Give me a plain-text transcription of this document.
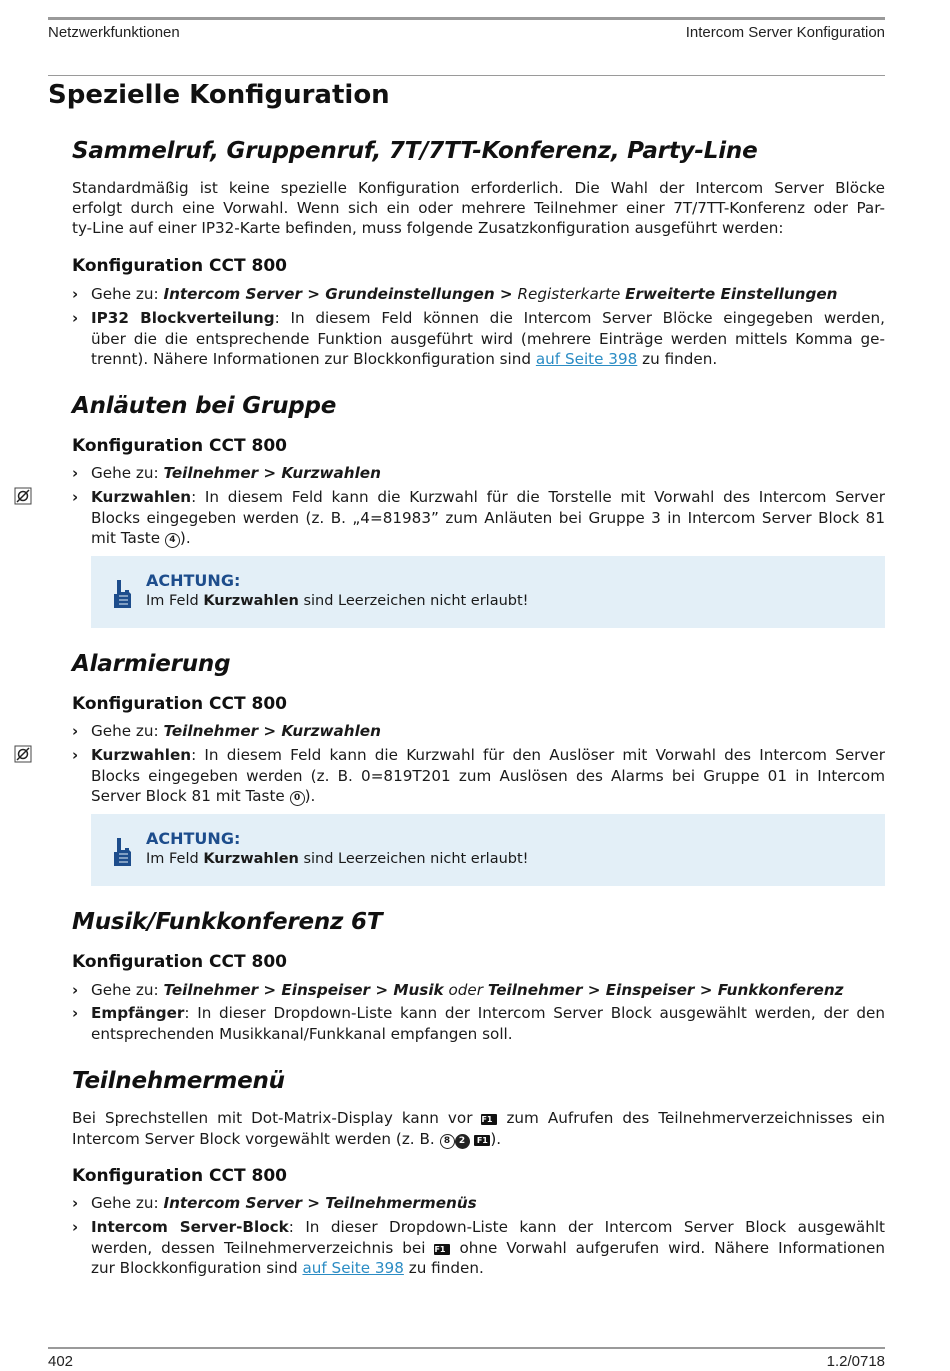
Netzwerkfunktionen	Intercom Server Konfiguration
Spezielle Konfiguration
Sammelruf, Gruppenruf, 7T/7TT-Konferenz, Party-Line
Standardmäßig ist keine spezielle Konfiguration erforderlich. Die Wahl der Intercom Server Blöcke
erfolgt durch eine Vorwahl. Wenn sich ein oder mehrere Teilnehmer einer 7T/7TT-Konferenz oder Par-
ty-Line auf einer IP32-Karte befinden, muss folgende Zusatzkonfiguration ausgeführt werden:
Konfiguration CCT 800
› Gehe zu: Intercom Server > Grundeinstellungen > Registerkarte Erweiterte Einstellungen
› IP32 Blockverteilung: In diesem Feld können die Intercom Server Blöcke eingegeben werden,
über die die entsprechende Funktion ausgeführt wird (mehrere Einträge werden mittels Komma ge-
trennt). Nähere Informationen zur Blockkonfiguration sind auf Seite 398 zu finden.
Anläuten bei Gruppe
Konfiguration CCT 800
› Gehe zu: Teilnehmer > Kurzwahlen
› Kurzwahlen: In diesem Feld kann die Kurzwahl für die Torstelle mit Vorwahl des Intercom Server
Blocks eingegeben werden (z. B. „4=81983” zum Anläuten bei Gruppe 3 in Intercom Server Block 81
mit Taste 4 ).
ACHTUNG:
Im Feld Kurzwahlen sind Leerzeichen nicht erlaubt!
Alarmierung
Konfiguration CCT 800
› Gehe zu: Teilnehmer > Kurzwahlen
› Kurzwahlen: In diesem Feld kann die Kurzwahl für den Auslöser mit Vorwahl des Intercom Server
Blocks eingegeben werden (z. B. 0=819T201 zum Auslösen des Alarms bei Gruppe 01 in Intercom
Server Block 81 mit Taste 0 ).
ACHTUNG:
Im Feld Kurzwahlen sind Leerzeichen nicht erlaubt!
Musik/Funkkonferenz 6T
Konfiguration CCT 800
› Gehe zu: Teilnehmer > Einspeiser > Musik oder Teilnehmer > Einspeiser > Funkkonferenz
› Empfänger: In dieser Dropdown-Liste kann der Intercom Server Block ausgewählt werden, der den
entsprechenden Musikkanal/Funkkanal empfangen soll.
Teilnehmermenü
Bei Sprechstellen mit Dot-Matrix-Display kann vor F1 zum Aufrufen des Teilnehmerverzeichnisses ein
Intercom Server Block vorgewählt werden (z. B. 8 2 F1 ).
Konfiguration CCT 800
› Gehe zu: Intercom Server > Teilnehmermenüs
› Intercom Server-Block: In dieser Dropdown-Liste kann der Intercom Server Block ausgewählt
werden, dessen Teilnehmerverzeichnis bei F1 ohne Vorwahl aufgerufen wird. Nähere Informationen
zur Blockkonfiguration sind auf Seite 398 zu finden.
402	1.2/0718
